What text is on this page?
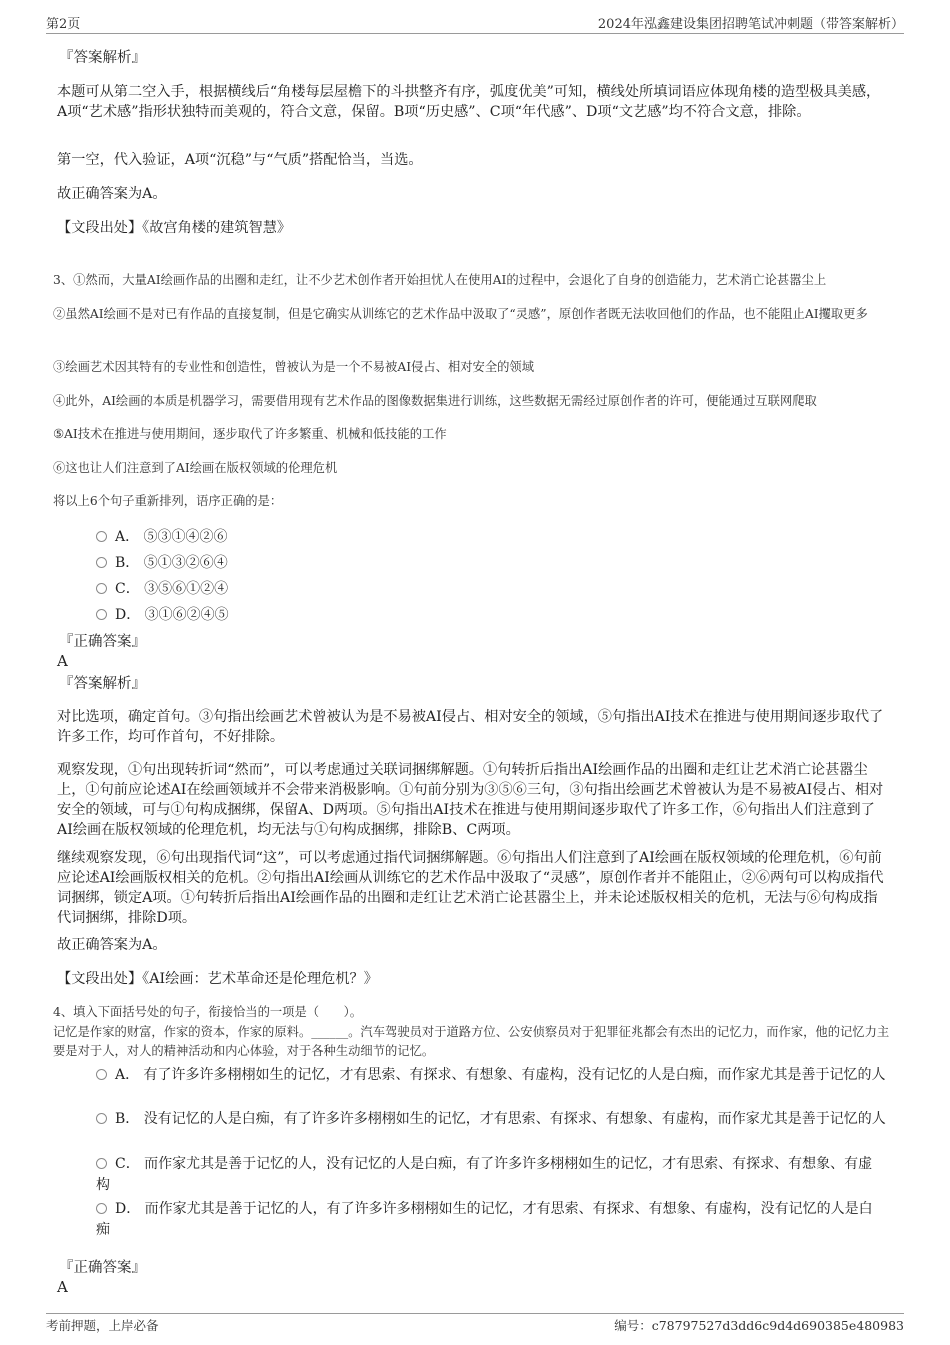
第2页	2024年泓鑫建设集团招聘笔试冲刺题（带答案解析）
『答案解析』
本题可从第二空入手，根据横线后“角楼每层屋檐下的斗拱整齐有序，弧度优美”可知，横线处所填词语应体现角楼的造型极具美感，A项“艺术感”指形状独特而美观的，符合文意，保留。B项“历史感”、C项“年代感”、D项“文艺感”均不符合文意，排除。
第一空，代入验证，A项“沉稳”与“气质”搭配恰当，当选。
故正确答案为A。
【文段出处】《故宫角楼的建筑智慧》
3、①然而，大量AI绘画作品的出圈和走红，让不少艺术创作者开始担忧人在使用AI的过程中，会退化了自身的创造能力，艺术消亡论甚嚣尘上
②虽然AI绘画不是对已有作品的直接复制，但是它确实从训练它的艺术作品中汲取了“灵感”，原创作者既无法收回他们的作品，也不能阻止AI攫取更多
③绘画艺术因其特有的专业性和创造性，曾被认为是一个不易被AI侵占、相对安全的领域
④此外，AI绘画的本质是机器学习，需要借用现有艺术作品的图像数据集进行训练，这些数据无需经过原创作者的许可，便能通过互联网爬取
⑤AI技术在推进与使用期间，逐步取代了许多繁重、机械和低技能的工作
⑥这也让人们注意到了AI绘画在版权领域的伦理危机
将以上6个句子重新排列，语序正确的是：
A． ⑤③①④②⑥
B． ⑤①③②⑥④
C． ③⑤⑥①②④
D． ③①⑥②④⑤
『正确答案』
A
『答案解析』
对比选项，确定首句。③句指出绘画艺术曾被认为是不易被AI侵占、相对安全的领域，⑤句指出AI技术在推进与使用期间逐步取代了许多工作，均可作首句，不好排除。
观察发现，①句出现转折词“然而”，可以考虑通过关联词捆绑解题。①句转折后指出AI绘画作品的出圈和走红让艺术消亡论甚嚣尘上，①句前应论述AI在绘画领域并不会带来消极影响。①句前分别为③⑤⑥三句，③句指出绘画艺术曾被认为是不易被AI侵占、相对安全的领域，可与①句构成捆绑，保留A、D两项。⑤句指出AI技术在推进与使用期间逐步取代了许多工作，⑥句指出人们注意到了AI绘画在版权领域的伦理危机，均无法与①句构成捆绑，排除B、C两项。
继续观察发现，⑥句出现指代词“这”，可以考虑通过指代词捆绑解题。⑥句指出人们注意到了AI绘画在版权领域的伦理危机，⑥句前应论述AI绘画版权相关的危机。②句指出AI绘画从训练它的艺术作品中汲取了“灵感”，原创作者并不能阻止，②⑥两句可以构成指代词捆绑，锁定A项。①句转折后指出AI绘画作品的出圈和走红让艺术消亡论甚嚣尘上，并未论述版权相关的危机，无法与⑥句构成指代词捆绑，排除D项。
故正确答案为A。
【文段出处】《AI绘画：艺术革命还是伦理危机？》
4、填入下面括号处的句子，衔接恰当的一项是（　　）。
记忆是作家的财富，作家的资本，作家的原料。______。汽车驾驶员对于道路方位、公安侦察员对于犯罪征兆都会有杰出的记忆力，而作家，他的记忆力主要是对于人，对人的精神活动和内心体验，对于各种生动细节的记忆。
A． 有了许多许多栩栩如生的记忆，才有思索、有探求、有想象、有虚构，没有记忆的人是白痴，而作家尤其是善于记忆的人
B． 没有记忆的人是白痴，有了许多许多栩栩如生的记忆，才有思索、有探求、有想象、有虚构，而作家尤其是善于记忆的人
C． 而作家尤其是善于记忆的人，没有记忆的人是白痴，有了许多许多栩栩如生的记忆，才有思索、有探求、有想象、有虚构
D． 而作家尤其是善于记忆的人，有了许多许多栩栩如生的记忆，才有思索、有探求、有想象、有虚构，没有记忆的人是白痴
『正确答案』
A
考前押题，上岸必备	编号：c78797527d3dd6c9d4d690385e480983
